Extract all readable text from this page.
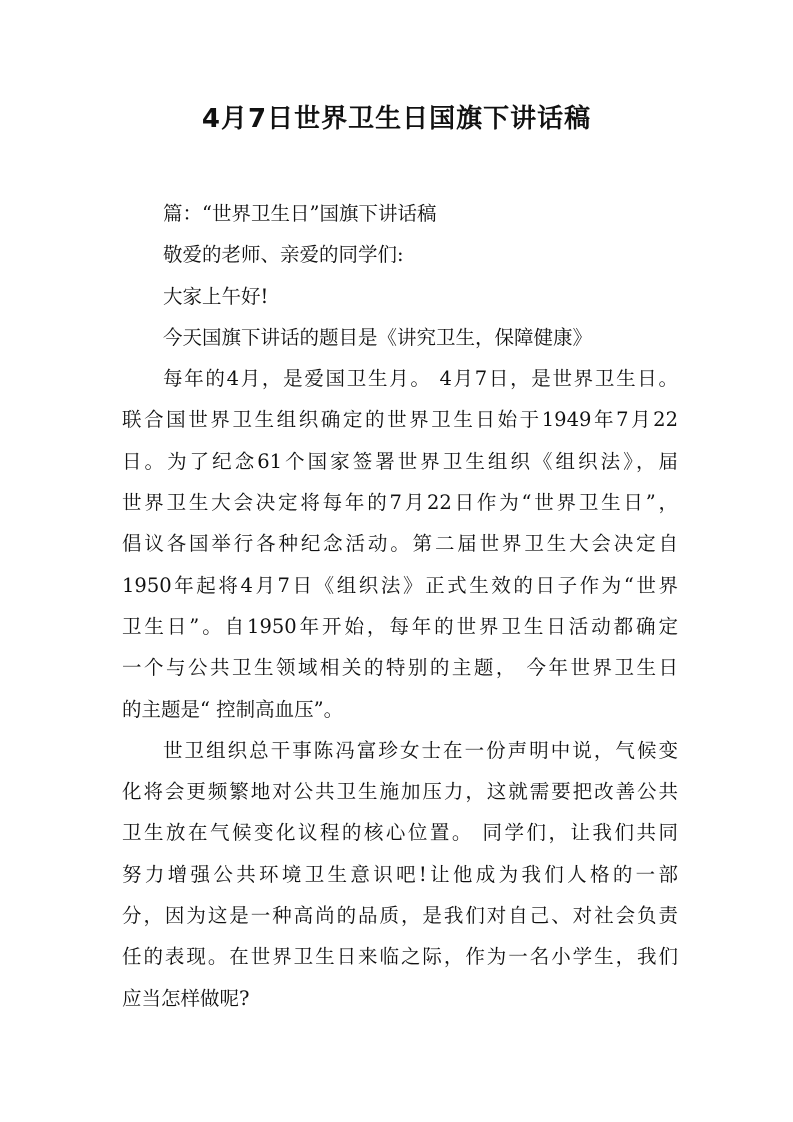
4月7日世界卫生日国旗下讲话稿
篇：“世界卫生日”国旗下讲话稿
敬爱的老师、亲爱的同学们:
大家上午好!
今天国旗下讲话的题目是《讲究卫生，保障健康》
每年的4月，是爱国卫生月。 4月7日，是世界卫生日。
联合国世界卫生组织确定的世界卫生日始于1949年7月22
日。为了纪念61个国家签署世界卫生组织《组织法》，届
世界卫生大会决定将每年的7月22日作为“世界卫生日”，
倡议各国举行各种纪念活动。第二届世界卫生大会决定自
1950年起将4月7日《组织法》正式生效的日子作为“世界
卫生日”。自1950年开始，每年的世界卫生日活动都确定
一个与公共卫生领域相关的特别的主题， 今年世界卫生日
的主题是“ 控制高血压”。
世卫组织总干事陈冯富珍女士在一份声明中说，气候变
化将会更频繁地对公共卫生施加压力，这就需要把改善公共
卫生放在气候变化议程的核心位置。 同学们，让我们共同
努力增强公共环境卫生意识吧!让他成为我们人格的一部
分，因为这是一种高尚的品质，是我们对自己、对社会负责
任的表现。在世界卫生日来临之际，作为一名小学生，我们
应当怎样做呢?
